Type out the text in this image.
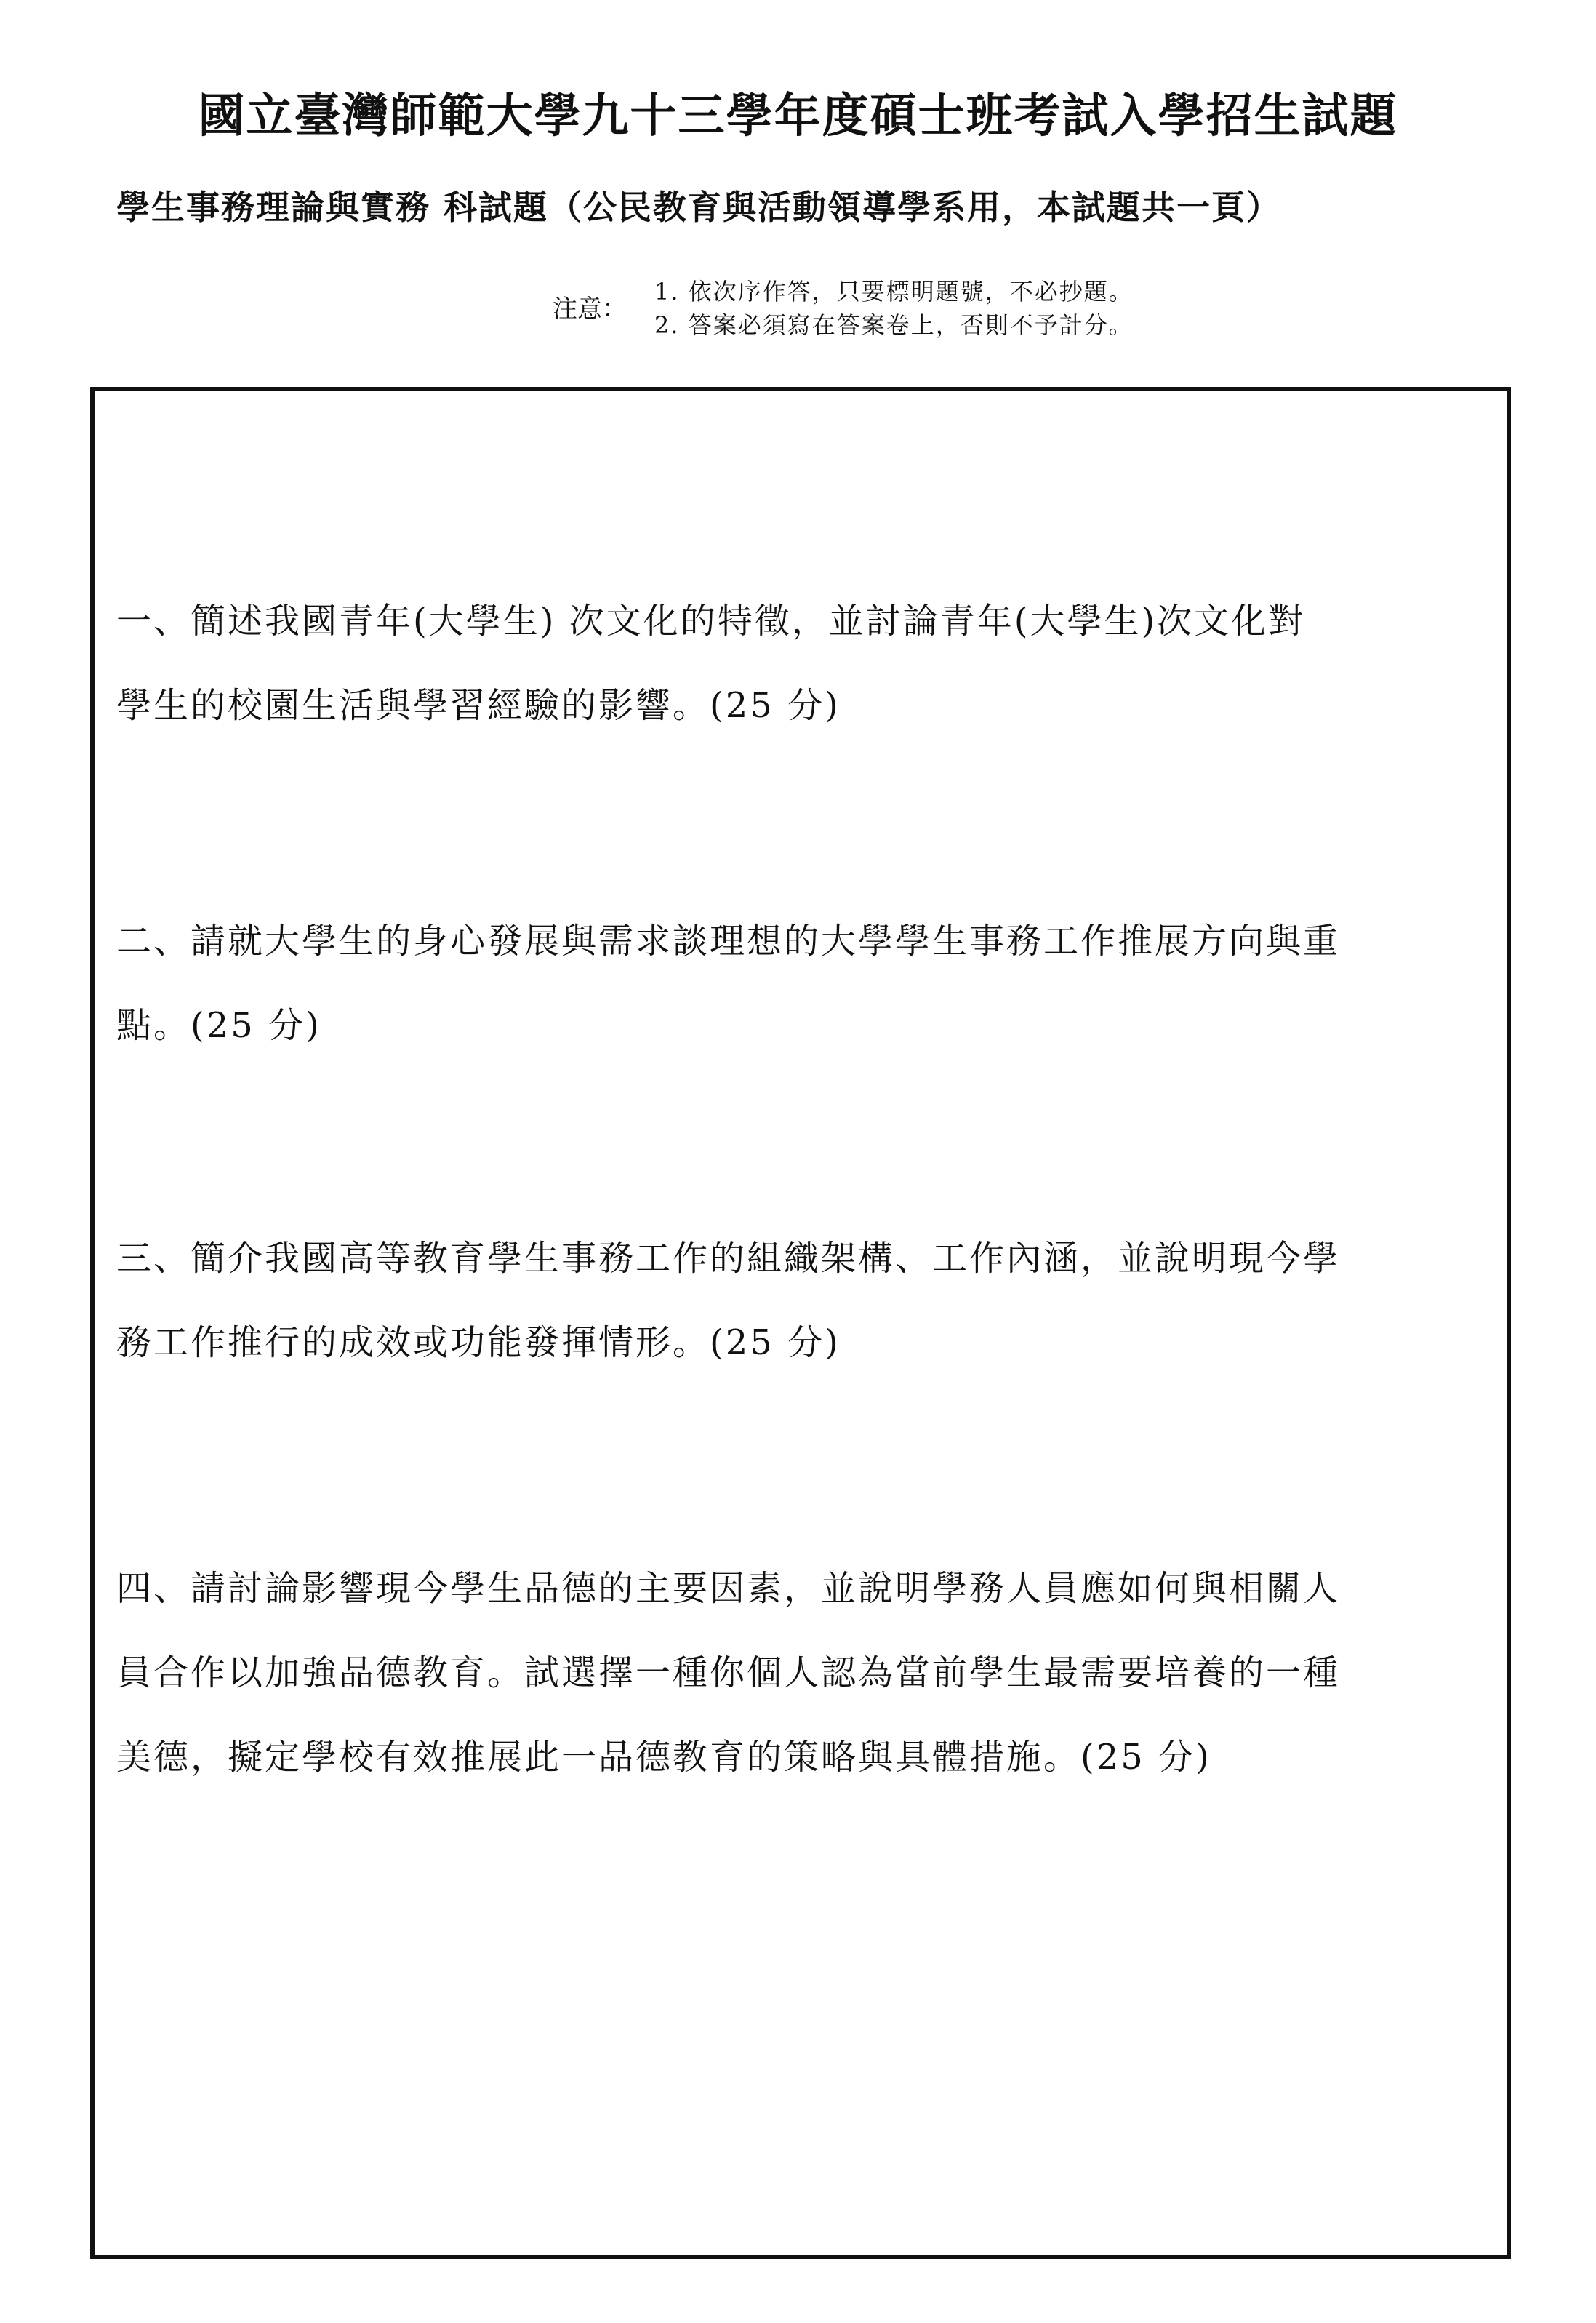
國立臺灣師範大學九十三學年度碩士班考試入學招生試題
學生事務理論與實務 科試題（公民教育與活動領導學系用，本試題共一頁）
注意：
1. 依次序作答，只要標明題號，不必抄題。
2. 答案必須寫在答案卷上，否則不予計分。
一、簡述我國青年(大學生) 次文化的特徵，並討論青年(大學生)次文化對
學生的校園生活與學習經驗的影響。(25 分)
二、請就大學生的身心發展與需求談理想的大學學生事務工作推展方向與重
點。(25 分)
三、簡介我國高等教育學生事務工作的組織架構、工作內涵，並說明現今學
務工作推行的成效或功能發揮情形。(25 分)
四、請討論影響現今學生品德的主要因素，並說明學務人員應如何與相關人
員合作以加強品德教育。試選擇一種你個人認為當前學生最需要培養的一種
美德，擬定學校有效推展此一品德教育的策略與具體措施。(25 分)
